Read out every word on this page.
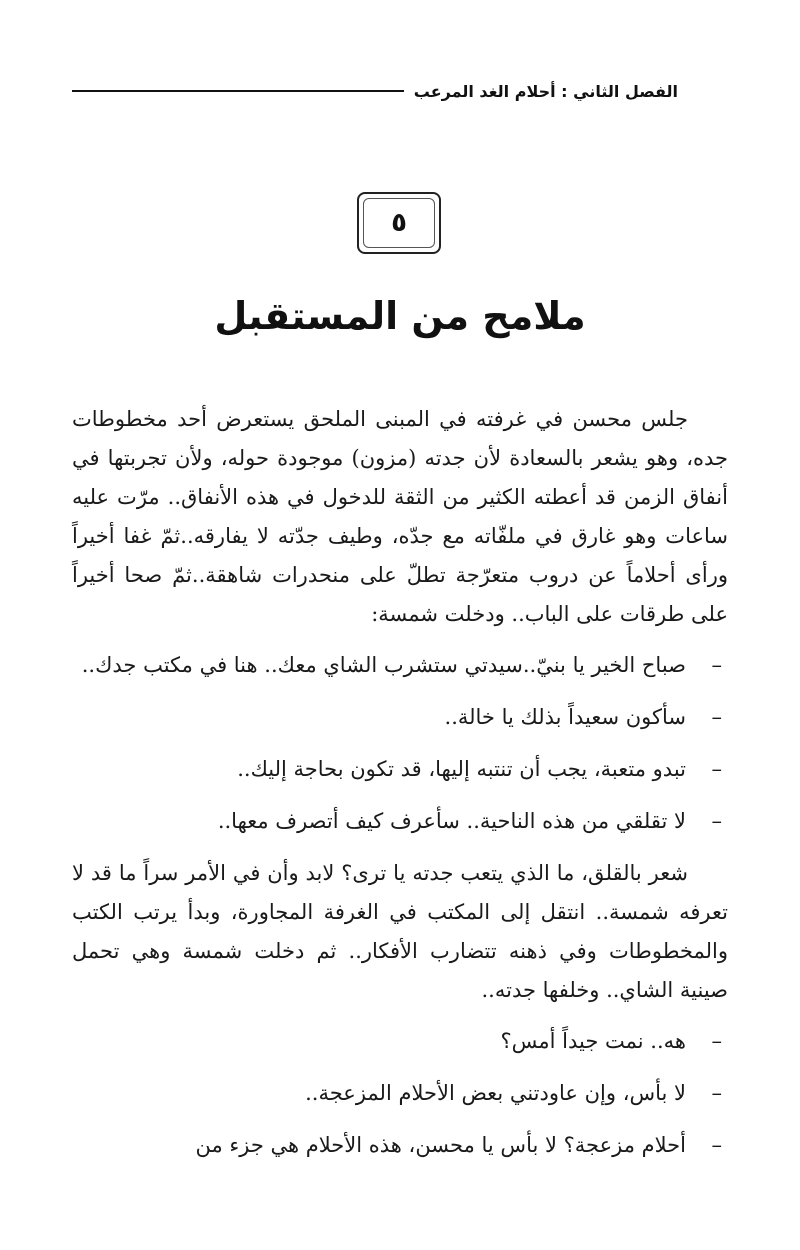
الفصل الثاني : أحلام الغد المرعب
٥
ملامح من المستقبل

جلس محسن في غرفته في المبنى الملحق يستعرض أحد مخطوطات جده، وهو يشعر بالسعادة لأن جدته (مزون) موجودة حوله، ولأن تجربتها في أنفاق الزمن قد أعطته الكثير من الثقة للدخول في هذه الأنفاق.. مرّت عليه ساعات وهو غارق في ملفّاته مع جدّه، وطيف جدّته لا يفارقه..ثمّ غفا أخيراً ورأى أحلاماً عن دروب متعرّجة تطلّ على منحدرات شاهقة..ثمّ صحا أخيراً على طرقات على الباب.. ودخلت شمسة:

–
صباح الخير يا بنيّ..سيدتي ستشرب الشاي معك.. هنا في مكتب جدك..

–
سأكون سعيداً بذلك يا خالة..

–
تبدو متعبة، يجب أن تنتبه إليها، قد تكون بحاجة إليك..

–
لا تقلقي من هذه الناحية.. سأعرف كيف أتصرف معها..

شعر بالقلق، ما الذي يتعب جدته يا ترى؟ لابد وأن في الأمر سراً ما قد لا تعرفه شمسة.. انتقل إلى المكتب في الغرفة المجاورة، وبدأ يرتب الكتب والمخطوطات وفي ذهنه تتضارب الأفكار.. ثم دخلت شمسة وهي تحمل صينية الشاي.. وخلفها جدته..

–
هه.. نمت جيداً أمس؟

–
لا بأس، وإن عاودتني بعض الأحلام المزعجة..

–
أحلام مزعجة؟ لا بأس يا محسن، هذه الأحلام هي جزء من
